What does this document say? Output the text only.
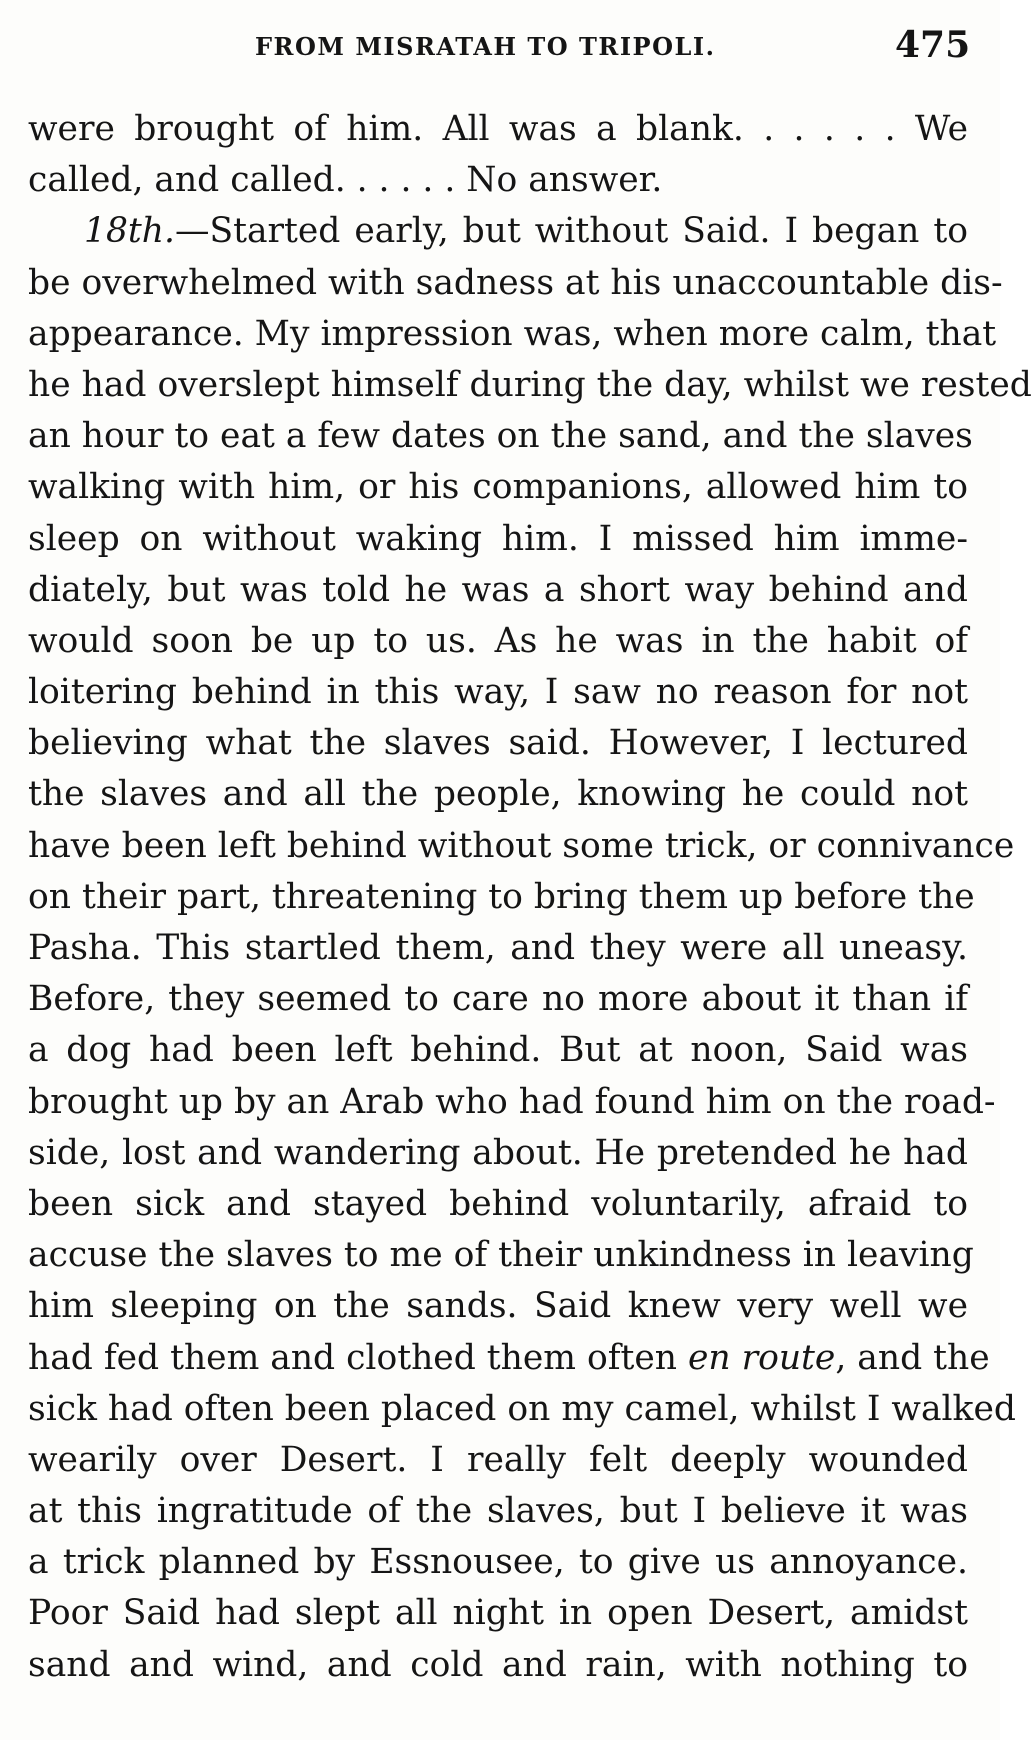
FROM MISRATAH TO TRIPOLI.	475
were brought of him. All was a blank. . . . . . We
called, and called. . . . . . No answer.
18th.—Started early, but without Said. I began to
be overwhelmed with sadness at his unaccountable dis-
appearance. My impression was, when more calm, that
he had overslept himself during the day, whilst we rested
an hour to eat a few dates on the sand, and the slaves
walking with him, or his companions, allowed him to
sleep on without waking him. I missed him imme-
diately, but was told he was a short way behind and
would soon be up to us. As he was in the habit of
loitering behind in this way, I saw no reason for not
believing what the slaves said. However, I lectured
the slaves and all the people, knowing he could not
have been left behind without some trick, or connivance
on their part, threatening to bring them up before the
Pasha. This startled them, and they were all uneasy.
Before, they seemed to care no more about it than if
a dog had been left behind. But at noon, Said was
brought up by an Arab who had found him on the road-
side, lost and wandering about. He pretended he had
been sick and stayed behind voluntarily, afraid to
accuse the slaves to me of their unkindness in leaving
him sleeping on the sands. Said knew very well we
had fed them and clothed them often en route, and the
sick had often been placed on my camel, whilst I walked
wearily over Desert. I really felt deeply wounded
at this ingratitude of the slaves, but I believe it was
a trick planned by Essnousee, to give us annoyance.
Poor Said had slept all night in open Desert, amidst
sand and wind, and cold and rain, with nothing to
